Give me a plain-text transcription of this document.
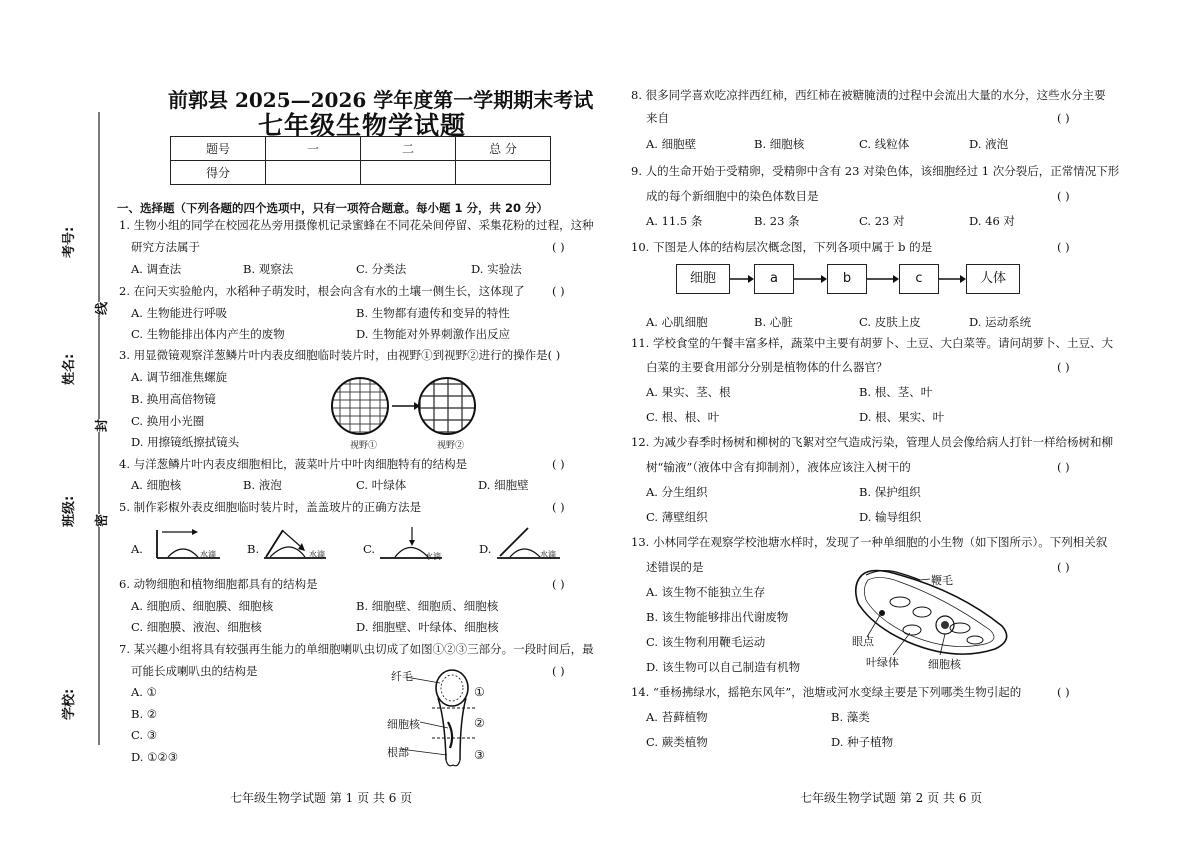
考号:
姓名:
班级:
学校:
线
封
密
前郭县 2025—2026 学年度第一学期期末考试
七年级生物学试题
题号	一	二	总 分
得分			
一、选择题（下列各题的四个选项中，只有一项符合题意。每小题 1 分，共 20 分）
1. 生物小组的同学在校园花丛旁用摄像机记录蜜蜂在不同花朵间停留、采集花粉的过程，这种
研究方法属于	( )
A. 调查法	B. 观察法	C. 分类法	D. 实验法
2. 在问天实验舱内，水稻种子萌发时，根会向含有水的土壤一侧生长，这体现了 ( )
A. 生物能进行呼吸	B. 生物都有遗传和变异的特性
C. 生物能排出体内产生的废物	D. 生物能对外界刺激作出反应
3. 用显微镜观察洋葱鳞片叶内表皮细胞临时装片时，由视野①到视野②进行的操作是( )
A. 调节细准焦螺旋
B. 换用高倍物镜
C. 换用小光圈
D. 用擦镜纸擦拭镜头	视野①	视野②
4. 与洋葱鳞片叶内表皮细胞相比，菠菜叶片中叶肉细胞特有的结构是	( )
A. 细胞核	B. 液泡	C. 叶绿体	D. 细胞壁
5. 制作彩椒外表皮细胞临时装片时，盖盖玻片的正确方法是	( )
A.	B.	C.	D.
水滴	水滴	水滴	水滴
6. 动物细胞和植物细胞都具有的结构是	( )
A. 细胞质、细胞膜、细胞核	B. 细胞壁、细胞质、细胞核
C. 细胞膜、液泡、细胞核	D. 细胞壁、叶绿体、细胞核
7. 某兴趣小组将具有较强再生能力的单细胞喇叭虫切成了如图①②③三部分。一段时间后，最
可能长成喇叭虫的结构是	( )
A. ①
B. ②
C. ③
D. ①②③
纤毛
细胞核
根部
①
②
③
七年级生物学试题 第 1 页 共 6 页
8. 很多同学喜欢吃凉拌西红柿，西红柿在被糖腌渍的过程中会流出大量的水分，这些水分主要
来自	( )
A. 细胞壁	B. 细胞核	C. 线粒体	D. 液泡
9. 人的生命开始于受精卵，受精卵中含有 23 对染色体，该细胞经过 1 次分裂后，正常情况下形
成的每个新细胞中的染色体数目是	( )
A. 11.5 条	B. 23 条	C. 23 对	D. 46 对
10. 下图是人体的结构层次概念图，下列各项中属于 b 的是	( )
细胞	a	b	c	人体
A. 心肌细胞	B. 心脏	C. 皮肤上皮	D. 运动系统
11. 学校食堂的午餐丰富多样，蔬菜中主要有胡萝卜、土豆、大白菜等。请问胡萝卜、土豆、大
白菜的主要食用部分分别是植物体的什么器官？	( )
A. 果实、茎、根	B. 根、茎、叶
C. 根、根、叶	D. 根、果实、叶
12. 为减少春季时杨树和柳树的飞絮对空气造成污染，管理人员会像给病人打针一样给杨树和柳
树“输液”（液体中含有抑制剂），液体应该注入树干的	( )
A. 分生组织	B. 保护组织
C. 薄壁组织	D. 输导组织
13. 小林同学在观察学校池塘水样时，发现了一种单细胞的小生物（如下图所示）。下列相关叙
述错误的是	( )
A. 该生物不能独立生存
B. 该生物能够排出代谢废物
C. 该生物利用鞭毛运动
D. 该生物可以自己制造有机物
鞭毛
眼点
叶绿体	细胞核
14. “垂杨拂绿水，摇艳东风年”，池塘或河水变绿主要是下列哪类生物引起的	( )
A. 苔藓植物	B. 藻类
C. 蕨类植物	D. 种子植物
七年级生物学试题 第 2 页 共 6 页
